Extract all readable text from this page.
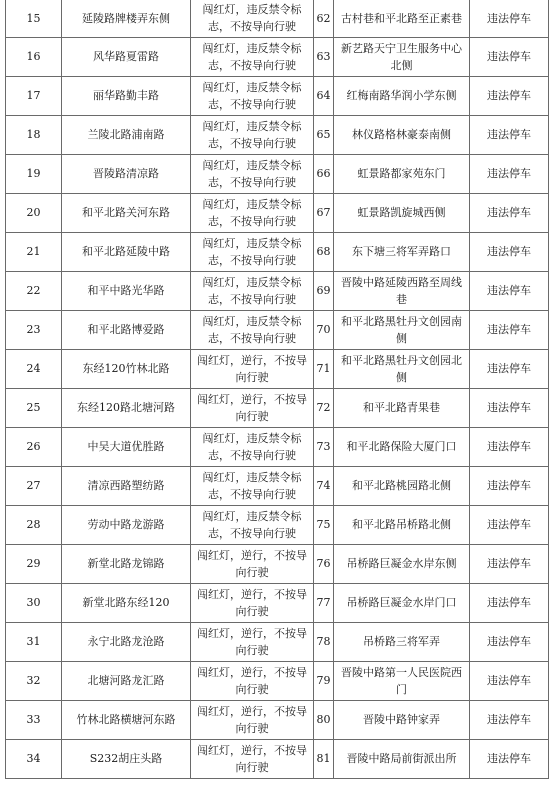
15	延陵路牌楼弄东侧	闯红灯，违反禁令标志，不按导向行驶	62	古村巷和平北路至正素巷	违法停车
16	风华路夏雷路	闯红灯，违反禁令标志，不按导向行驶	63	新艺路天宁卫生服务中心北侧	违法停车
17	丽华路勤丰路	闯红灯，违反禁令标志，不按导向行驶	64	红梅南路华润小学东侧	违法停车
18	兰陵北路浦南路	闯红灯，违反禁令标志，不按导向行驶	65	林仪路格林豪泰南侧	违法停车
19	晋陵路清凉路	闯红灯，违反禁令标志，不按导向行驶	66	虹景路都家苑东门	违法停车
20	和平北路关河东路	闯红灯，违反禁令标志，不按导向行驶	67	虹景路凯旋城西侧	违法停车
21	和平北路延陵中路	闯红灯，违反禁令标志，不按导向行驶	68	东下塘三将军弄路口	违法停车
22	和平中路光华路	闯红灯，违反禁令标志，不按导向行驶	69	晋陵中路延陵西路至周线巷	违法停车
23	和平北路博爱路	闯红灯，违反禁令标志，不按导向行驶	70	和平北路黑牡丹文创园南侧	违法停车
24	东经120竹林北路	闯红灯，逆行，不按导向行驶	71	和平北路黑牡丹文创园北侧	违法停车
25	东经120路北塘河路	闯红灯，逆行，不按导向行驶	72	和平北路青果巷	违法停车
26	中吴大道优胜路	闯红灯，违反禁令标志，不按导向行驶	73	和平北路保险大厦门口	违法停车
27	清凉西路塑纺路	闯红灯，违反禁令标志，不按导向行驶	74	和平北路桃园路北侧	违法停车
28	劳动中路龙游路	闯红灯，违反禁令标志，不按导向行驶	75	和平北路吊桥路北侧	违法停车
29	新堂北路龙锦路	闯红灯，逆行，不按导向行驶	76	吊桥路巨凝金水岸东侧	违法停车
30	新堂北路东经120	闯红灯，逆行，不按导向行驶	77	吊桥路巨凝金水岸门口	违法停车
31	永宁北路龙沧路	闯红灯，逆行，不按导向行驶	78	吊桥路三将军弄	违法停车
32	北塘河路龙汇路	闯红灯，逆行，不按导向行驶	79	晋陵中路第一人民医院西门	违法停车
33	竹林北路横塘河东路	闯红灯，逆行，不按导向行驶	80	晋陵中路钟家弄	违法停车
34	S232胡庄头路	闯红灯，逆行，不按导向行驶	81	晋陵中路局前街派出所	违法停车
